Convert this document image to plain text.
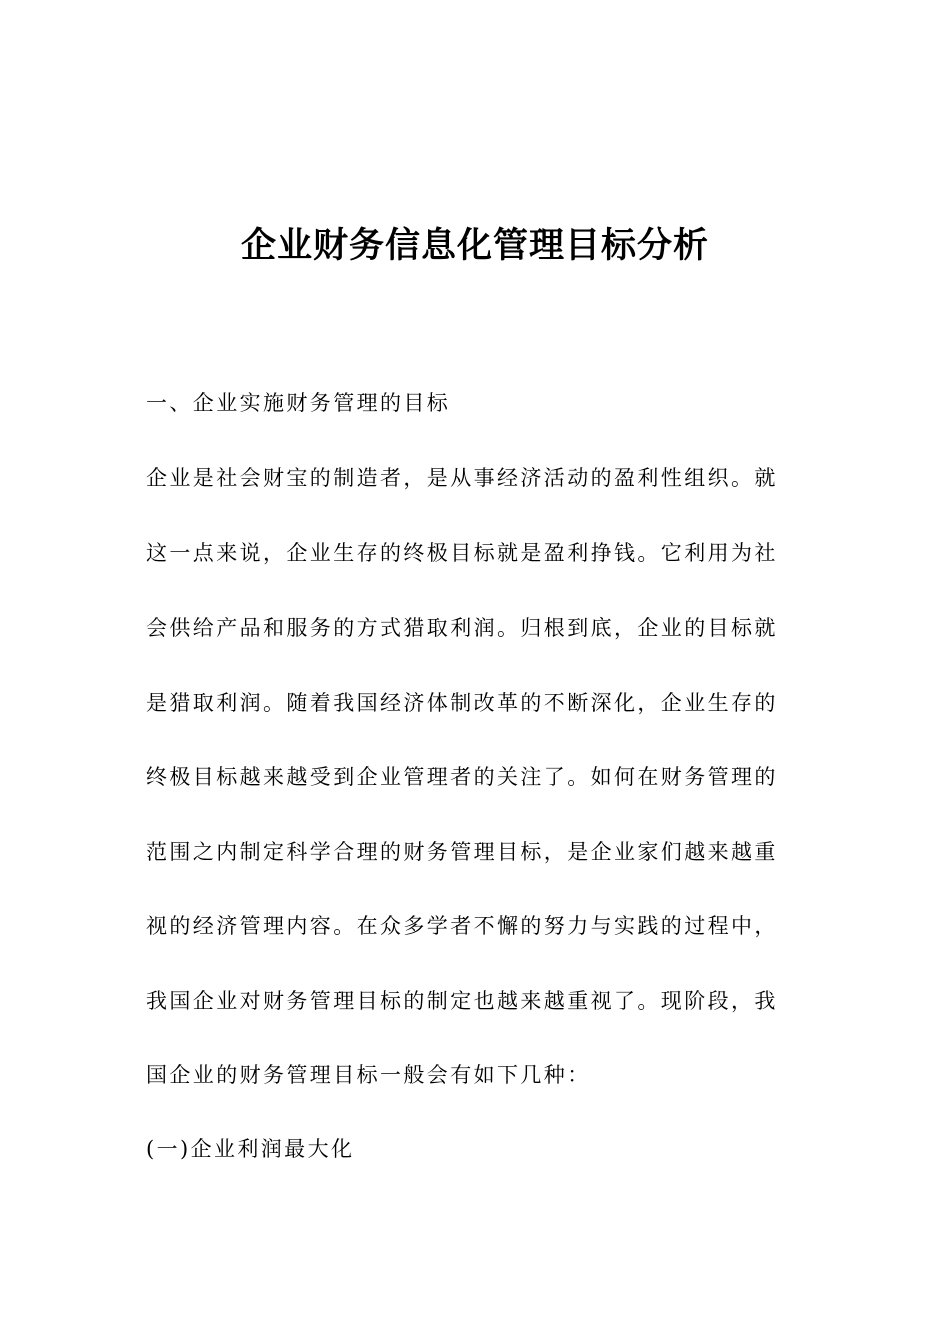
企业财务信息化管理目标分析
一、企业实施财务管理的目标
企业是社会财宝的制造者，是从事经济活动的盈利性组织。就
这一点来说，企业生存的终极目标就是盈利挣钱。它利用为社
会供给产品和服务的方式猎取利润。归根到底，企业的目标就
是猎取利润。随着我国经济体制改革的不断深化，企业生存的
终极目标越来越受到企业管理者的关注了。如何在财务管理的
范围之内制定科学合理的财务管理目标，是企业家们越来越重
视的经济管理内容。在众多学者不懈的努力与实践的过程中，
我国企业对财务管理目标的制定也越来越重视了。现阶段，我
国企业的财务管理目标一般会有如下几种：
(一)企业利润最大化
